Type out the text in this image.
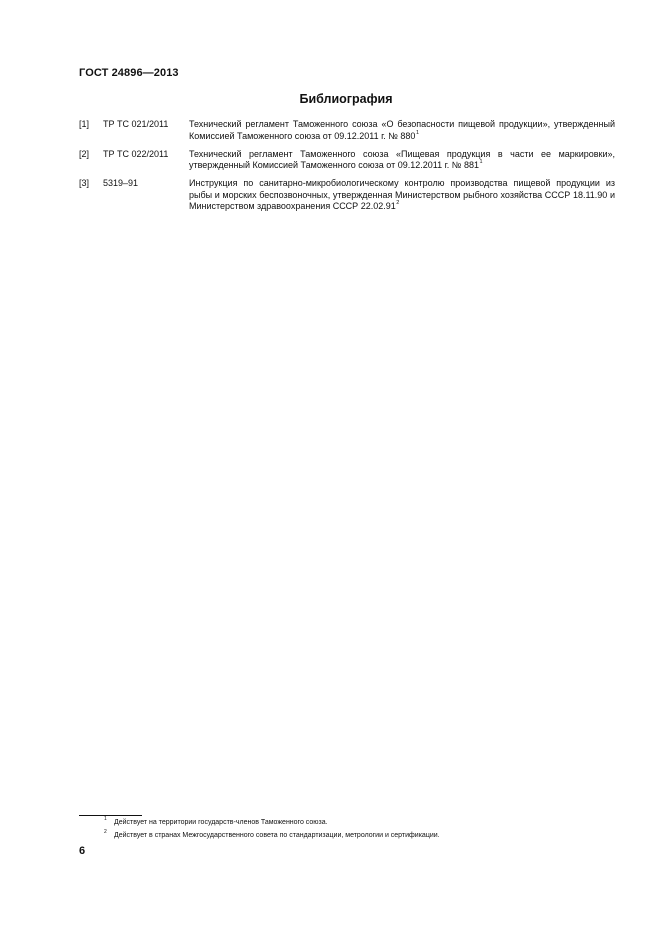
ГОСТ 24896—2013
Библиография
[1] ТР ТС 021/2011 Технический регламент Таможенного союза «О безопасности пищевой продукции», утвержденный Комиссией Таможенного союза от 09.12.2011 г. № $880^1$
[2] ТР ТС 022/2011 Технический регламент Таможенного союза «Пищевая продукция в части ее маркировки», утвержденный Комиссией Таможенного союза от 09.12.2011 г. № $881^1$
[3] 5319–91	Инструкция по санитарно-микробиологическому контролю производства пищевой продукции из рыбы и морских беспозвоночных, утвержденная Министерством рыбного хозяйства СССР 18.11.90 и Министерством здравоохранения СССР 22.02.91$^2$
1 Действует на территории государств-членов Таможенного союза.
2 Действует в странах Межгосударственного совета по стандартизации, метрологии и сертификации.
6
